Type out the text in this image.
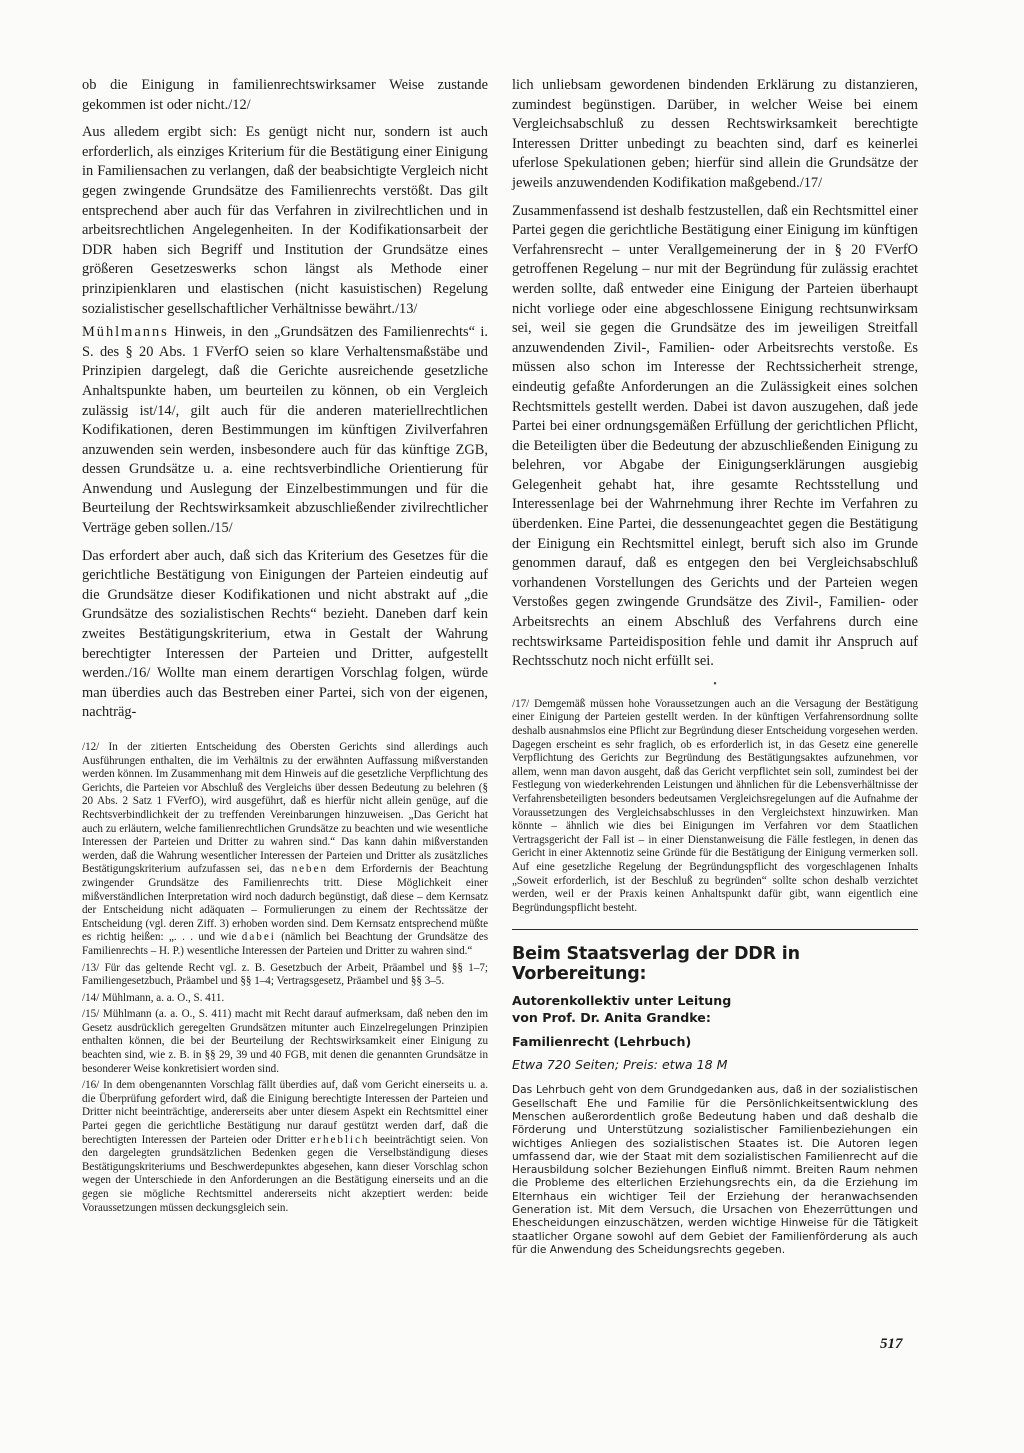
ob die Einigung in familienrechtswirksamer Weise zustande gekommen ist oder nicht./12/

Aus alledem ergibt sich: Es genügt nicht nur, sondern ist auch erforderlich, als einziges Kriterium für die Bestätigung einer Einigung in Familiensachen zu verlangen, daß der beabsichtigte Vergleich nicht gegen zwingende Grundsätze des Familienrechts verstößt. Das gilt entsprechend aber auch für das Verfahren in zivilrechtlichen und in arbeitsrechtlichen Angelegenheiten. In der Kodifikationsarbeit der DDR haben sich Begriff und Institution der Grundsätze eines größeren Gesetzeswerks schon längst als Methode einer prinzipienklaren und elastischen (nicht kasuistischen) Regelung sozialistischer gesellschaftlicher Verhältnisse bewährt./13/

Mühlmanns Hinweis, in den „Grundsätzen des Familienrechts“ i. S. des § 20 Abs. 1 FVerfO seien so klare Verhaltensmaßstäbe und Prinzipien dargelegt, daß die Gerichte ausreichende gesetzliche Anhaltspunkte haben, um beurteilen zu können, ob ein Vergleich zulässig ist/14/, gilt auch für die anderen materiellrechtlichen Kodifikationen, deren Bestimmungen im künftigen Zivilverfahren anzuwenden sein werden, insbesondere auch für das künftige ZGB, dessen Grundsätze u. a. eine rechtsverbindliche Orientierung für Anwendung und Auslegung der Einzelbestimmungen und für die Beurteilung der Rechtswirksamkeit abzuschließender zivilrechtlicher Verträge geben sollen./15/

Das erfordert aber auch, daß sich das Kriterium des Gesetzes für die gerichtliche Bestätigung von Einigungen der Parteien eindeutig auf die Grundsätze dieser Kodifikationen und nicht abstrakt auf „die Grundsätze des sozialistischen Rechts“ bezieht. Daneben darf kein zweites Bestätigungskriterium, etwa in Gestalt der Wahrung berechtigter Interessen der Parteien und Dritter, aufgestellt werden./16/ Wollte man einem derartigen Vorschlag folgen, würde man überdies auch das Bestreben einer Partei, sich von der eigenen, nachträg-

/12/ In der zitierten Entscheidung des Obersten Gerichts sind allerdings auch Ausführungen enthalten, die im Verhältnis zu der erwähnten Auffassung mißverstanden werden können. Im Zusammenhang mit dem Hinweis auf die gesetzliche Verpflichtung des Gerichts, die Parteien vor Abschluß des Vergleichs über dessen Bedeutung zu belehren (§ 20 Abs. 2 Satz 1 FVerfO), wird ausgeführt, daß es hierfür nicht allein genüge, auf die Rechtsverbindlichkeit der zu treffenden Vereinbarungen hinzuweisen. „Das Gericht hat auch zu erläutern, welche familienrechtlichen Grundsätze zu beachten und wie wesentliche Interessen der Parteien und Dritter zu wahren sind.“ Das kann dahin mißverstanden werden, daß die Wahrung wesentlicher Interessen der Parteien und Dritter als zusätzliches Bestätigungskriterium aufzufassen sei, das neben dem Erfordernis der Beachtung zwingender Grundsätze des Familienrechts tritt. Diese Möglichkeit einer mißverständlichen Interpretation wird noch dadurch begünstigt, daß diese – dem Kernsatz der Entscheidung nicht adäquaten – Formulierungen zu einem der Rechtssätze der Entscheidung (vgl. deren Ziff. 3) erhoben worden sind. Dem Kernsatz entsprechend müßte es richtig heißen: „. . . und wie dabei (nämlich bei Beachtung der Grundsätze des Familienrechts – H. P.) wesentliche Interessen der Parteien und Dritter zu wahren sind.“

/13/ Für das geltende Recht vgl. z. B. Gesetzbuch der Arbeit, Präambel und §§ 1–7; Familiengesetzbuch, Präambel und §§ 1–4; Vertragsgesetz, Präambel und §§ 3–5.

/14/ Mühlmann, a. a. O., S. 411.

/15/ Mühlmann (a. a. O., S. 411) macht mit Recht darauf aufmerksam, daß neben den im Gesetz ausdrücklich geregelten Grundsätzen mitunter auch Einzelregelungen Prinzipien enthalten können, die bei der Beurteilung der Rechtswirksamkeit einer Einigung zu beachten sind, wie z. B. in §§ 29, 39 und 40 FGB, mit denen die genannten Grundsätze in besonderer Weise konkretisiert worden sind.

/16/ In dem obengenannten Vorschlag fällt überdies auf, daß vom Gericht einerseits u. a. die Überprüfung gefordert wird, daß die Einigung berechtigte Interessen der Parteien und Dritter nicht beeinträchtige, andererseits aber unter diesem Aspekt ein Rechtsmittel einer Partei gegen die gerichtliche Bestätigung nur darauf gestützt werden darf, daß die berechtigten Interessen der Parteien oder Dritter erheblich beeinträchtigt seien. Von den dargelegten grundsätzlichen Bedenken gegen die Verselbständigung dieses Bestätigungskriteriums und Beschwerdepunktes abgesehen, kann dieser Vorschlag schon wegen der Unterschiede in den Anforderungen an die Bestätigung einerseits und an die gegen sie mögliche Rechtsmittel andererseits nicht akzeptiert werden: beide Voraussetzungen müssen deckungsgleich sein.

lich unliebsam gewordenen bindenden Erklärung zu distanzieren, zumindest begünstigen. Darüber, in welcher Weise bei einem Vergleichsabschluß zu dessen Rechtswirksamkeit berechtigte Interessen Dritter unbedingt zu beachten sind, darf es keinerlei uferlose Spekulationen geben; hierfür sind allein die Grundsätze der jeweils anzuwendenden Kodifikation maßgebend./17/

Zusammenfassend ist deshalb festzustellen, daß ein Rechtsmittel einer Partei gegen die gerichtliche Bestätigung einer Einigung im künftigen Verfahrensrecht – unter Verallgemeinerung der in § 20 FVerfO getroffenen Regelung – nur mit der Begründung für zulässig erachtet werden sollte, daß entweder eine Einigung der Parteien überhaupt nicht vorliege oder eine abgeschlossene Einigung rechtsunwirksam sei, weil sie gegen die Grundsätze des im jeweiligen Streitfall anzuwendenden Zivil-, Familien- oder Arbeitsrechts verstoße. Es müssen also schon im Interesse der Rechtssicherheit strenge, eindeutig gefaßte Anforderungen an die Zulässigkeit eines solchen Rechtsmittels gestellt werden. Dabei ist davon auszugehen, daß jede Partei bei einer ordnungsgemäßen Erfüllung der gerichtlichen Pflicht, die Beteiligten über die Bedeutung der abzuschließenden Einigung zu belehren, vor Abgabe der Einigungserklärungen ausgiebig Gelegenheit gehabt hat, ihre gesamte Rechtsstellung und Interessenlage bei der Wahrnehmung ihrer Rechte im Verfahren zu überdenken. Eine Partei, die dessenungeachtet gegen die Bestätigung der Einigung ein Rechtsmittel einlegt, beruft sich also im Grunde genommen darauf, daß es entgegen den bei Vergleichsabschluß vorhandenen Vorstellungen des Gerichts und der Parteien wegen Verstoßes gegen zwingende Grundsätze des Zivil-, Familien- oder Arbeitsrechts an einem Abschluß des Verfahrens durch eine rechtswirksame Parteidisposition fehle und damit ihr Anspruch auf Rechtsschutz noch nicht erfüllt sei.

•

/17/ Demgemäß müssen hohe Voraussetzungen auch an die Versagung der Bestätigung einer Einigung der Parteien gestellt werden. In der künftigen Verfahrensordnung sollte deshalb ausnahmslos eine Pflicht zur Begründung dieser Entscheidung vorgesehen werden. Dagegen erscheint es sehr fraglich, ob es erforderlich ist, in das Gesetz eine generelle Verpflichtung des Gerichts zur Begründung des Bestätigungsaktes aufzunehmen, vor allem, wenn man davon ausgeht, daß das Gericht verpflichtet sein soll, zumindest bei der Festlegung von wiederkehrenden Leistungen und ähnlichen für die Lebensverhältnisse der Verfahrensbeteiligten besonders bedeutsamen Vergleichsregelungen auf die Aufnahme der Voraussetzungen des Vergleichsabschlusses in den Vergleichstext hinzuwirken. Man könnte – ähnlich wie dies bei Einigungen im Verfahren vor dem Staatlichen Vertragsgericht der Fall ist – in einer Dienstanweisung die Fälle festlegen, in denen das Gericht in einer Aktennotiz seine Gründe für die Bestätigung der Einigung vermerken soll. Auf eine gesetzliche Regelung der Begründungspflicht des vorgeschlagenen Inhalts „Soweit erforderlich, ist der Beschluß zu begründen“ sollte schon deshalb verzichtet werden, weil er der Praxis keinen Anhaltspunkt dafür gibt, wann eigentlich eine Begründungspflicht besteht.

Beim Staatsverlag der DDR in Vorbereitung:
Autorenkollektiv unter Leitung
von Prof. Dr. Anita Grandke:
Familienrecht (Lehrbuch)
Etwa 720 Seiten; Preis: etwa 18 M

Das Lehrbuch geht von dem Grundgedanken aus, daß in der sozialistischen Gesellschaft Ehe und Familie für die Persönlichkeitsentwicklung des Menschen außerordentlich große Bedeutung haben und daß deshalb die Förderung und Unterstützung sozialistischer Familienbeziehungen ein wichtiges Anliegen des sozialistischen Staates ist. Die Autoren legen umfassend dar, wie der Staat mit dem sozialistischen Familienrecht auf die Herausbildung solcher Beziehungen Einfluß nimmt. Breiten Raum nehmen die Probleme des elterlichen Erziehungsrechts ein, da die Erziehung im Elternhaus ein wichtiger Teil der Erziehung der heranwachsenden Generation ist. Mit dem Versuch, die Ursachen von Ehezerrüttungen und Ehescheidungen einzuschätzen, werden wichtige Hinweise für die Tätigkeit staatlicher Organe sowohl auf dem Gebiet der Familienförderung als auch für die Anwendung des Scheidungsrechts gegeben.

517
